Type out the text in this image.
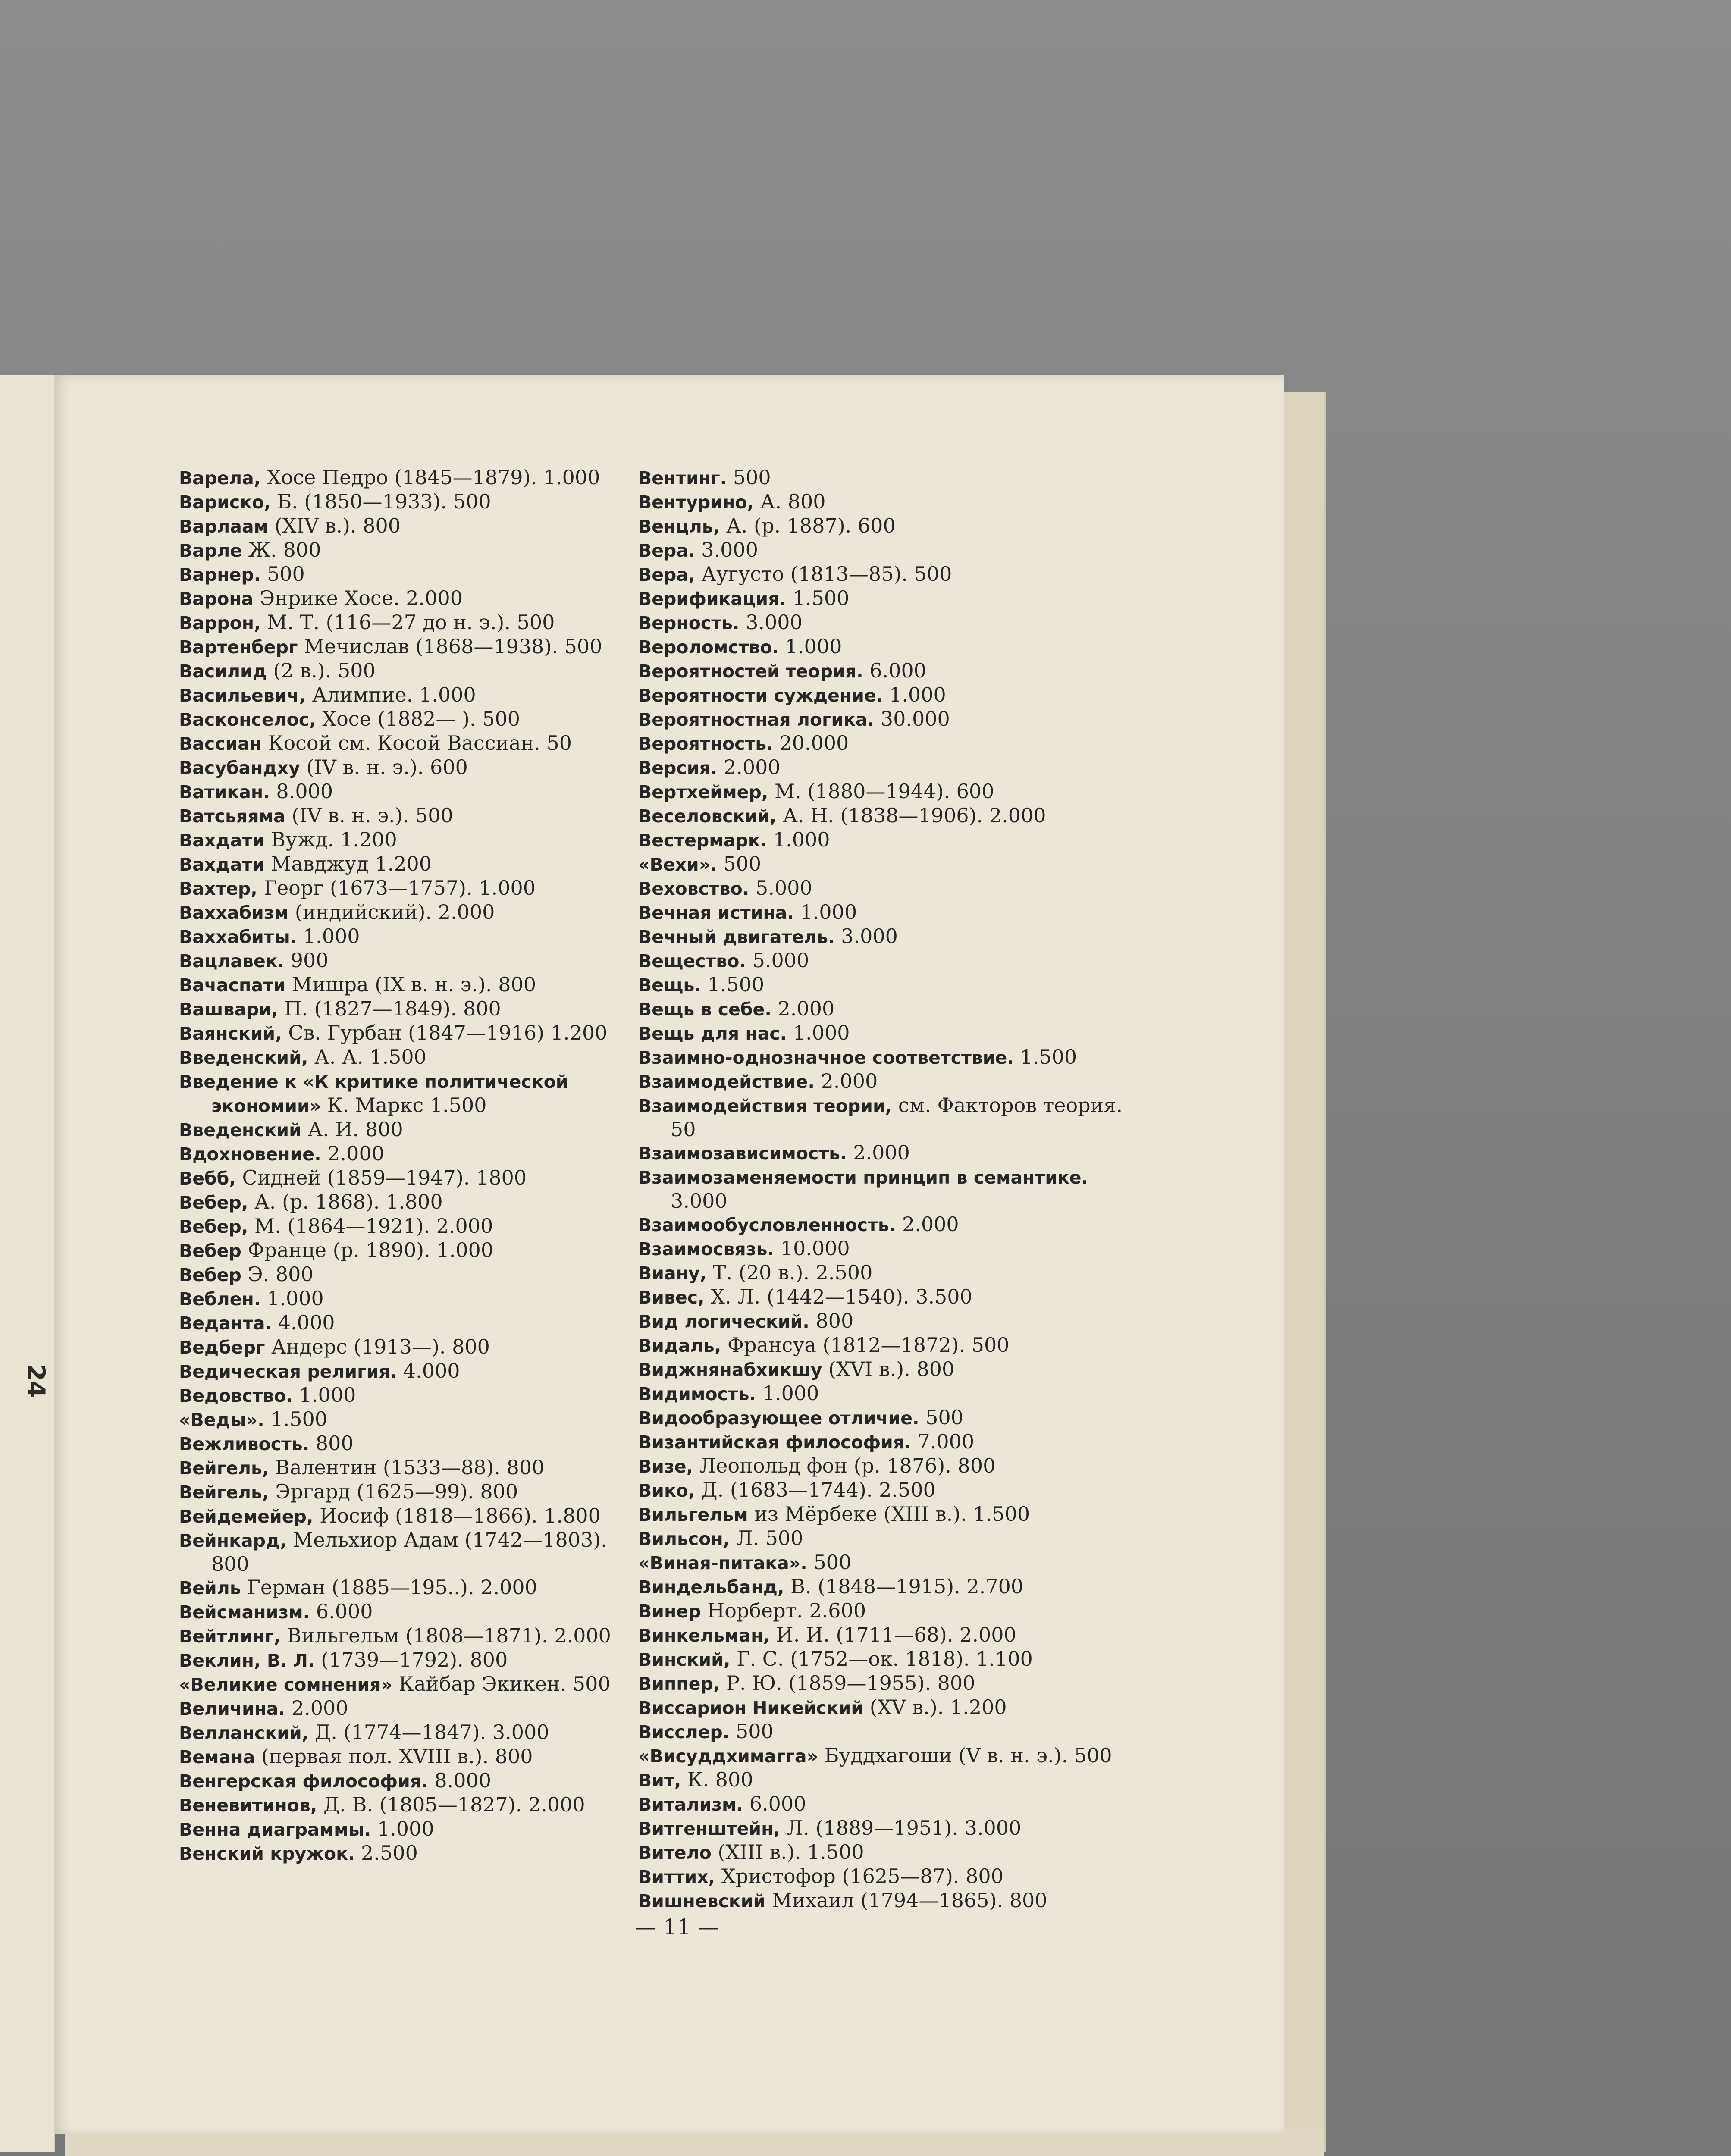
24
Варела, Хосе Педро (1845—1879). 1.000
Вариско, Б. (1850—1933). 500
Варлаам (XIV в.). 800
Варле Ж. 800
Варнер. 500
Варона Энрике Хосе. 2.000
Варрон, М. Т. (116—27 до н. э.). 500
Вартенберг Мечислав (1868—1938). 500
Василид (2 в.). 500
Васильевич, Алимпие. 1.000
Васконселос, Хосе (1882— ). 500
Вассиан Косой см. Косой Вассиан. 50
Васубандху (IV в. н. э.). 600
Ватикан. 8.000
Ватсьяяма (IV в. н. э.). 500
Вахдати Вужд. 1.200
Вахдати Мавджуд 1.200
Вахтер, Георг (1673—1757). 1.000
Ваххабизм (индийский). 2.000
Ваххабиты. 1.000
Вацлавек. 900
Вачаспати Мишра (IX в. н. э.). 800
Вашвари, П. (1827—1849). 800
Ваянский, Св. Гурбан (1847—1916) 1.200
Введенский, А. А. 1.500
Введение к «К критике политической экономии» К. Маркс 1.500
Введенский А. И. 800
Вдохновение. 2.000
Вебб, Сидней (1859—1947). 1800
Вебер, А. (р. 1868). 1.800
Вебер, М. (1864—1921). 2.000
Вебер Франце (р. 1890). 1.000
Вебер Э. 800
Веблен. 1.000
Веданта. 4.000
Ведберг Андерс (1913—). 800
Ведическая религия. 4.000
Ведовство. 1.000
«Веды». 1.500
Вежливость. 800
Вейгель, Валентин (1533—88). 800
Вейгель, Эргард (1625—99). 800
Вейдемейер, Иосиф (1818—1866). 1.800
Вейнкард, Мельхиор Адам (1742—1803). 800
Вейль Герман (1885—195..). 2.000
Вейсманизм. 6.000
Вейтлинг, Вильгельм (1808—1871). 2.000
Веклин, В. Л. (1739—1792). 800
«Великие сомнения» Кайбар Экикен. 500
Величина. 2.000
Велланский, Д. (1774—1847). 3.000
Вемана (первая пол. XVIII в.). 800
Венгерская философия. 8.000
Веневитинов, Д. В. (1805—1827). 2.000
Венна диаграммы. 1.000
Венский кружок. 2.500
Вентинг. 500
Вентурино, А. 800
Венцль, А. (р. 1887). 600
Вера. 3.000
Вера, Аугусто (1813—85). 500
Верификация. 1.500
Верность. 3.000
Вероломство. 1.000
Вероятностей теория. 6.000
Вероятности суждение. 1.000
Вероятностная логика. 30.000
Вероятность. 20.000
Версия. 2.000
Вертхеймер, М. (1880—1944). 600
Веселовский, А. Н. (1838—1906). 2.000
Вестермарк. 1.000
«Вехи». 500
Веховство. 5.000
Вечная истина. 1.000
Вечный двигатель. 3.000
Вещество. 5.000
Вещь. 1.500
Вещь в себе. 2.000
Вещь для нас. 1.000
Взаимно-однозначное соответствие. 1.500
Взаимодействие. 2.000
Взаимодействия теории, см. Факторов теория. 50
Взаимозависимость. 2.000
Взаимозаменяемости принцип в семантике. 3.000
Взаимообусловленность. 2.000
Взаимосвязь. 10.000
Виану, Т. (20 в.). 2.500
Вивес, Х. Л. (1442—1540). 3.500
Вид логический. 800
Видаль, Франсуа (1812—1872). 500
Виджнянабхикшу (XVI в.). 800
Видимость. 1.000
Видообразующее отличие. 500
Византийская философия. 7.000
Визе, Леопольд фон (р. 1876). 800
Вико, Д. (1683—1744). 2.500
Вильгельм из Мёрбеке (XIII в.). 1.500
Вильсон, Л. 500
«Виная-питака». 500
Виндельбанд, В. (1848—1915). 2.700
Винер Норберт. 2.600
Винкельман, И. И. (1711—68). 2.000
Винский, Г. С. (1752—ок. 1818). 1.100
Виппер, Р. Ю. (1859—1955). 800
Виссарион Никейский (XV в.). 1.200
Висслер. 500
«Висуддхимагга» Буддхагоши (V в. н. э.). 500
Вит, К. 800
Витализм. 6.000
Витгенштейн, Л. (1889—1951). 3.000
Витело (XIII в.). 1.500
Виттих, Христофор (1625—87). 800
Вишневский Михаил (1794—1865). 800
— 11 —
